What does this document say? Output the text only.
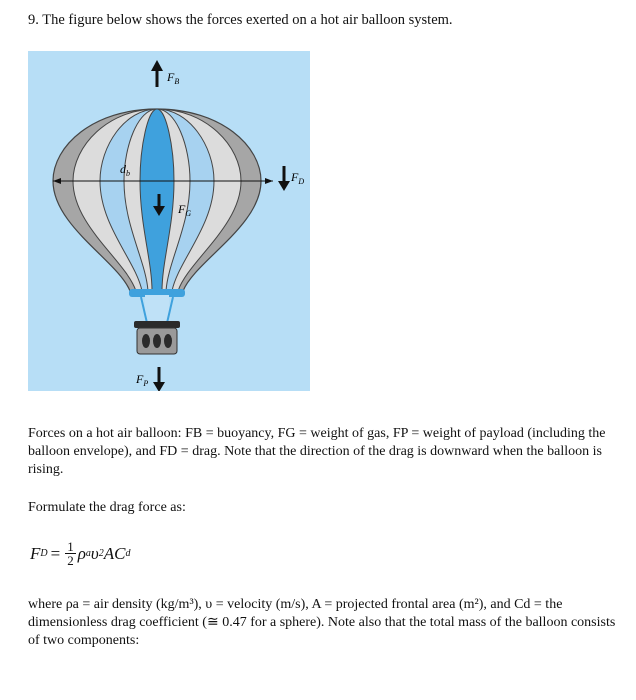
9. The figure below shows the forces exerted on a hot air balloon system.
$d_b$
$F_B$
$F_G$
$F_D$
$F_P$
Forces on a hot air balloon: FB = buoyancy, FG = weight of gas, FP = weight of payload (including the balloon envelope), and FD = drag. Note that the direction of the drag is downward when the balloon is rising.
Formulate the drag force as:
F $D = \frac{1}{2}$ ρ a υ 2 A C d
where ρa = air density (kg/m³), υ = velocity (m/s), A = projected frontal area (m²), and Cd = the dimensionless drag coefficient (≅ 0.47 for a sphere). Note also that the total mass of the balloon consists of two components:
